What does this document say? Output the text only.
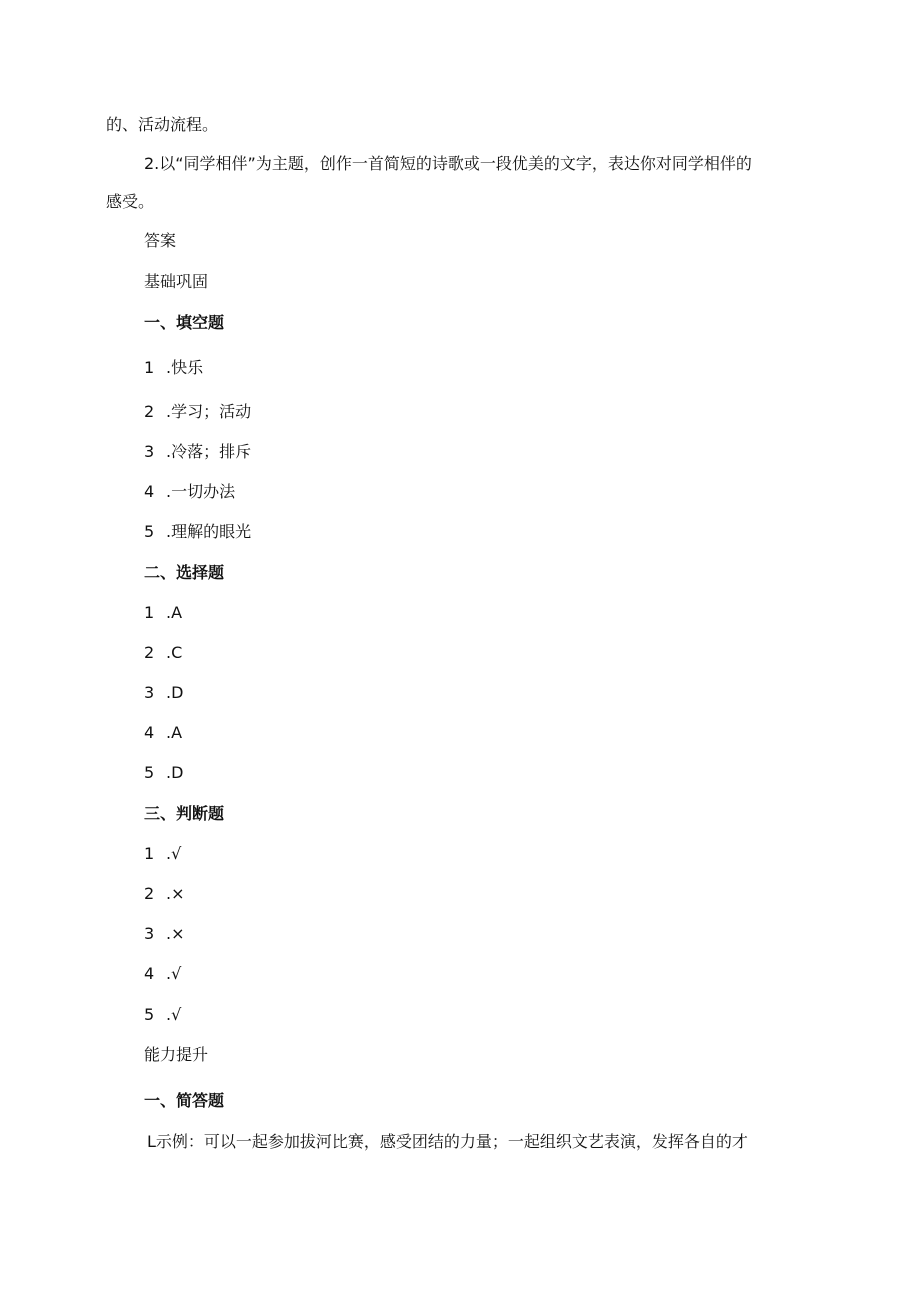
的、活动流程。
2.以“同学相伴”为主题，创作一首简短的诗歌或一段优美的文字，表达你对同学相伴的
感受。
答案
基础巩固
一、填空题
1 .快乐
2 .学习；活动
3 .冷落；排斥
4 .一切办法
5 .理解的眼光
二、选择题
1 .A
2 .C
3 .D
4 .A
5 .D
三、判断题
1 .√
2 .×
3 .×
4 .√
5 .√
能力提升
一、简答题
L示例：可以一起参加拔河比赛，感受团结的力量；一起组织文艺表演，发挥各自的才
